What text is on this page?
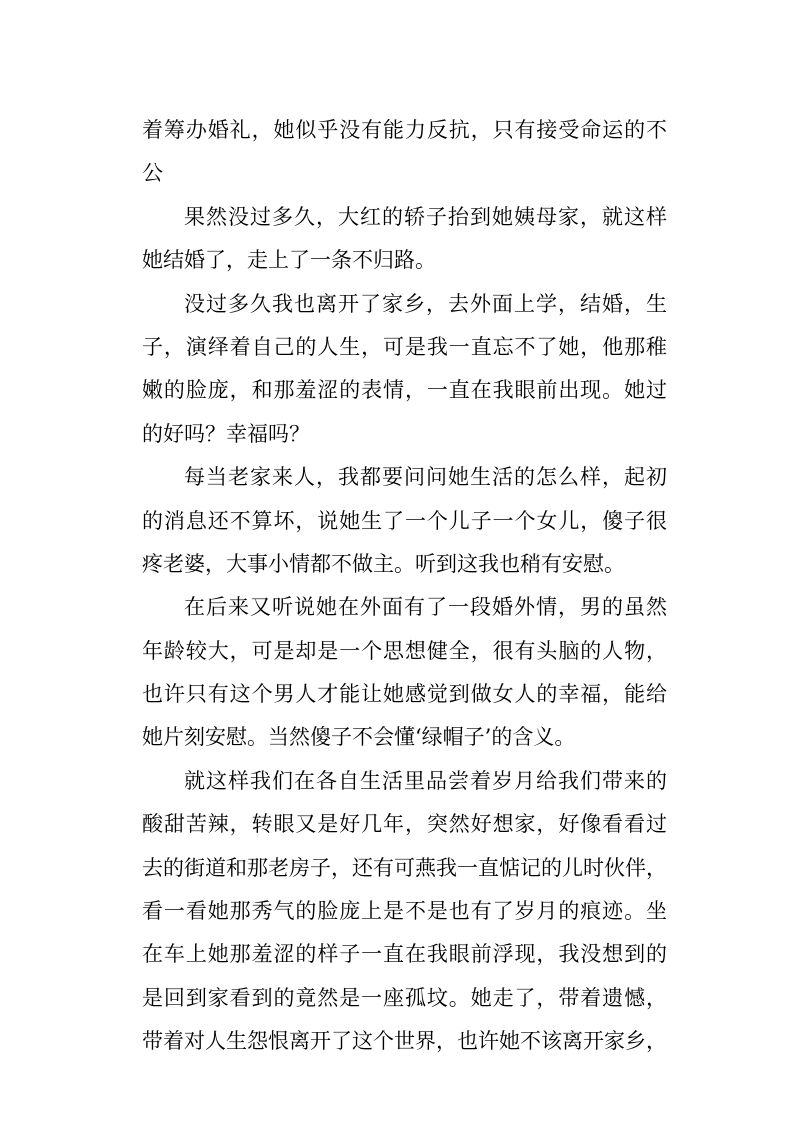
着筹办婚礼，她似乎没有能力反抗，只有接受命运的不
公
果然没过多久，大红的轿子抬到她姨母家，就这样
她结婚了，走上了一条不归路。
没过多久我也离开了家乡，去外面上学，结婚，生
子，演绎着自己的人生，可是我一直忘不了她，他那稚
嫩的脸庞，和那羞涩的表情，一直在我眼前出现。她过
的好吗？幸福吗？
每当老家来人，我都要问问她生活的怎么样，起初
的消息还不算坏，说她生了一个儿子一个女儿，傻子很
疼老婆，大事小情都不做主。听到这我也稍有安慰。
在后来又听说她在外面有了一段婚外情，男的虽然
年龄较大，可是却是一个思想健全，很有头脑的人物，
也许只有这个男人才能让她感觉到做女人的幸福，能给
她片刻安慰。当然傻子不会懂‘绿帽子’的含义。
就这样我们在各自生活里品尝着岁月给我们带来的
酸甜苦辣，转眼又是好几年，突然好想家，好像看看过
去的街道和那老房子，还有可燕我一直惦记的儿时伙伴，
看一看她那秀气的脸庞上是不是也有了岁月的痕迹。坐
在车上她那羞涩的样子一直在我眼前浮现，我没想到的
是回到家看到的竟然是一座孤坟。她走了，带着遗憾，
带着对人生怨恨离开了这个世界，也许她不该离开家乡，
